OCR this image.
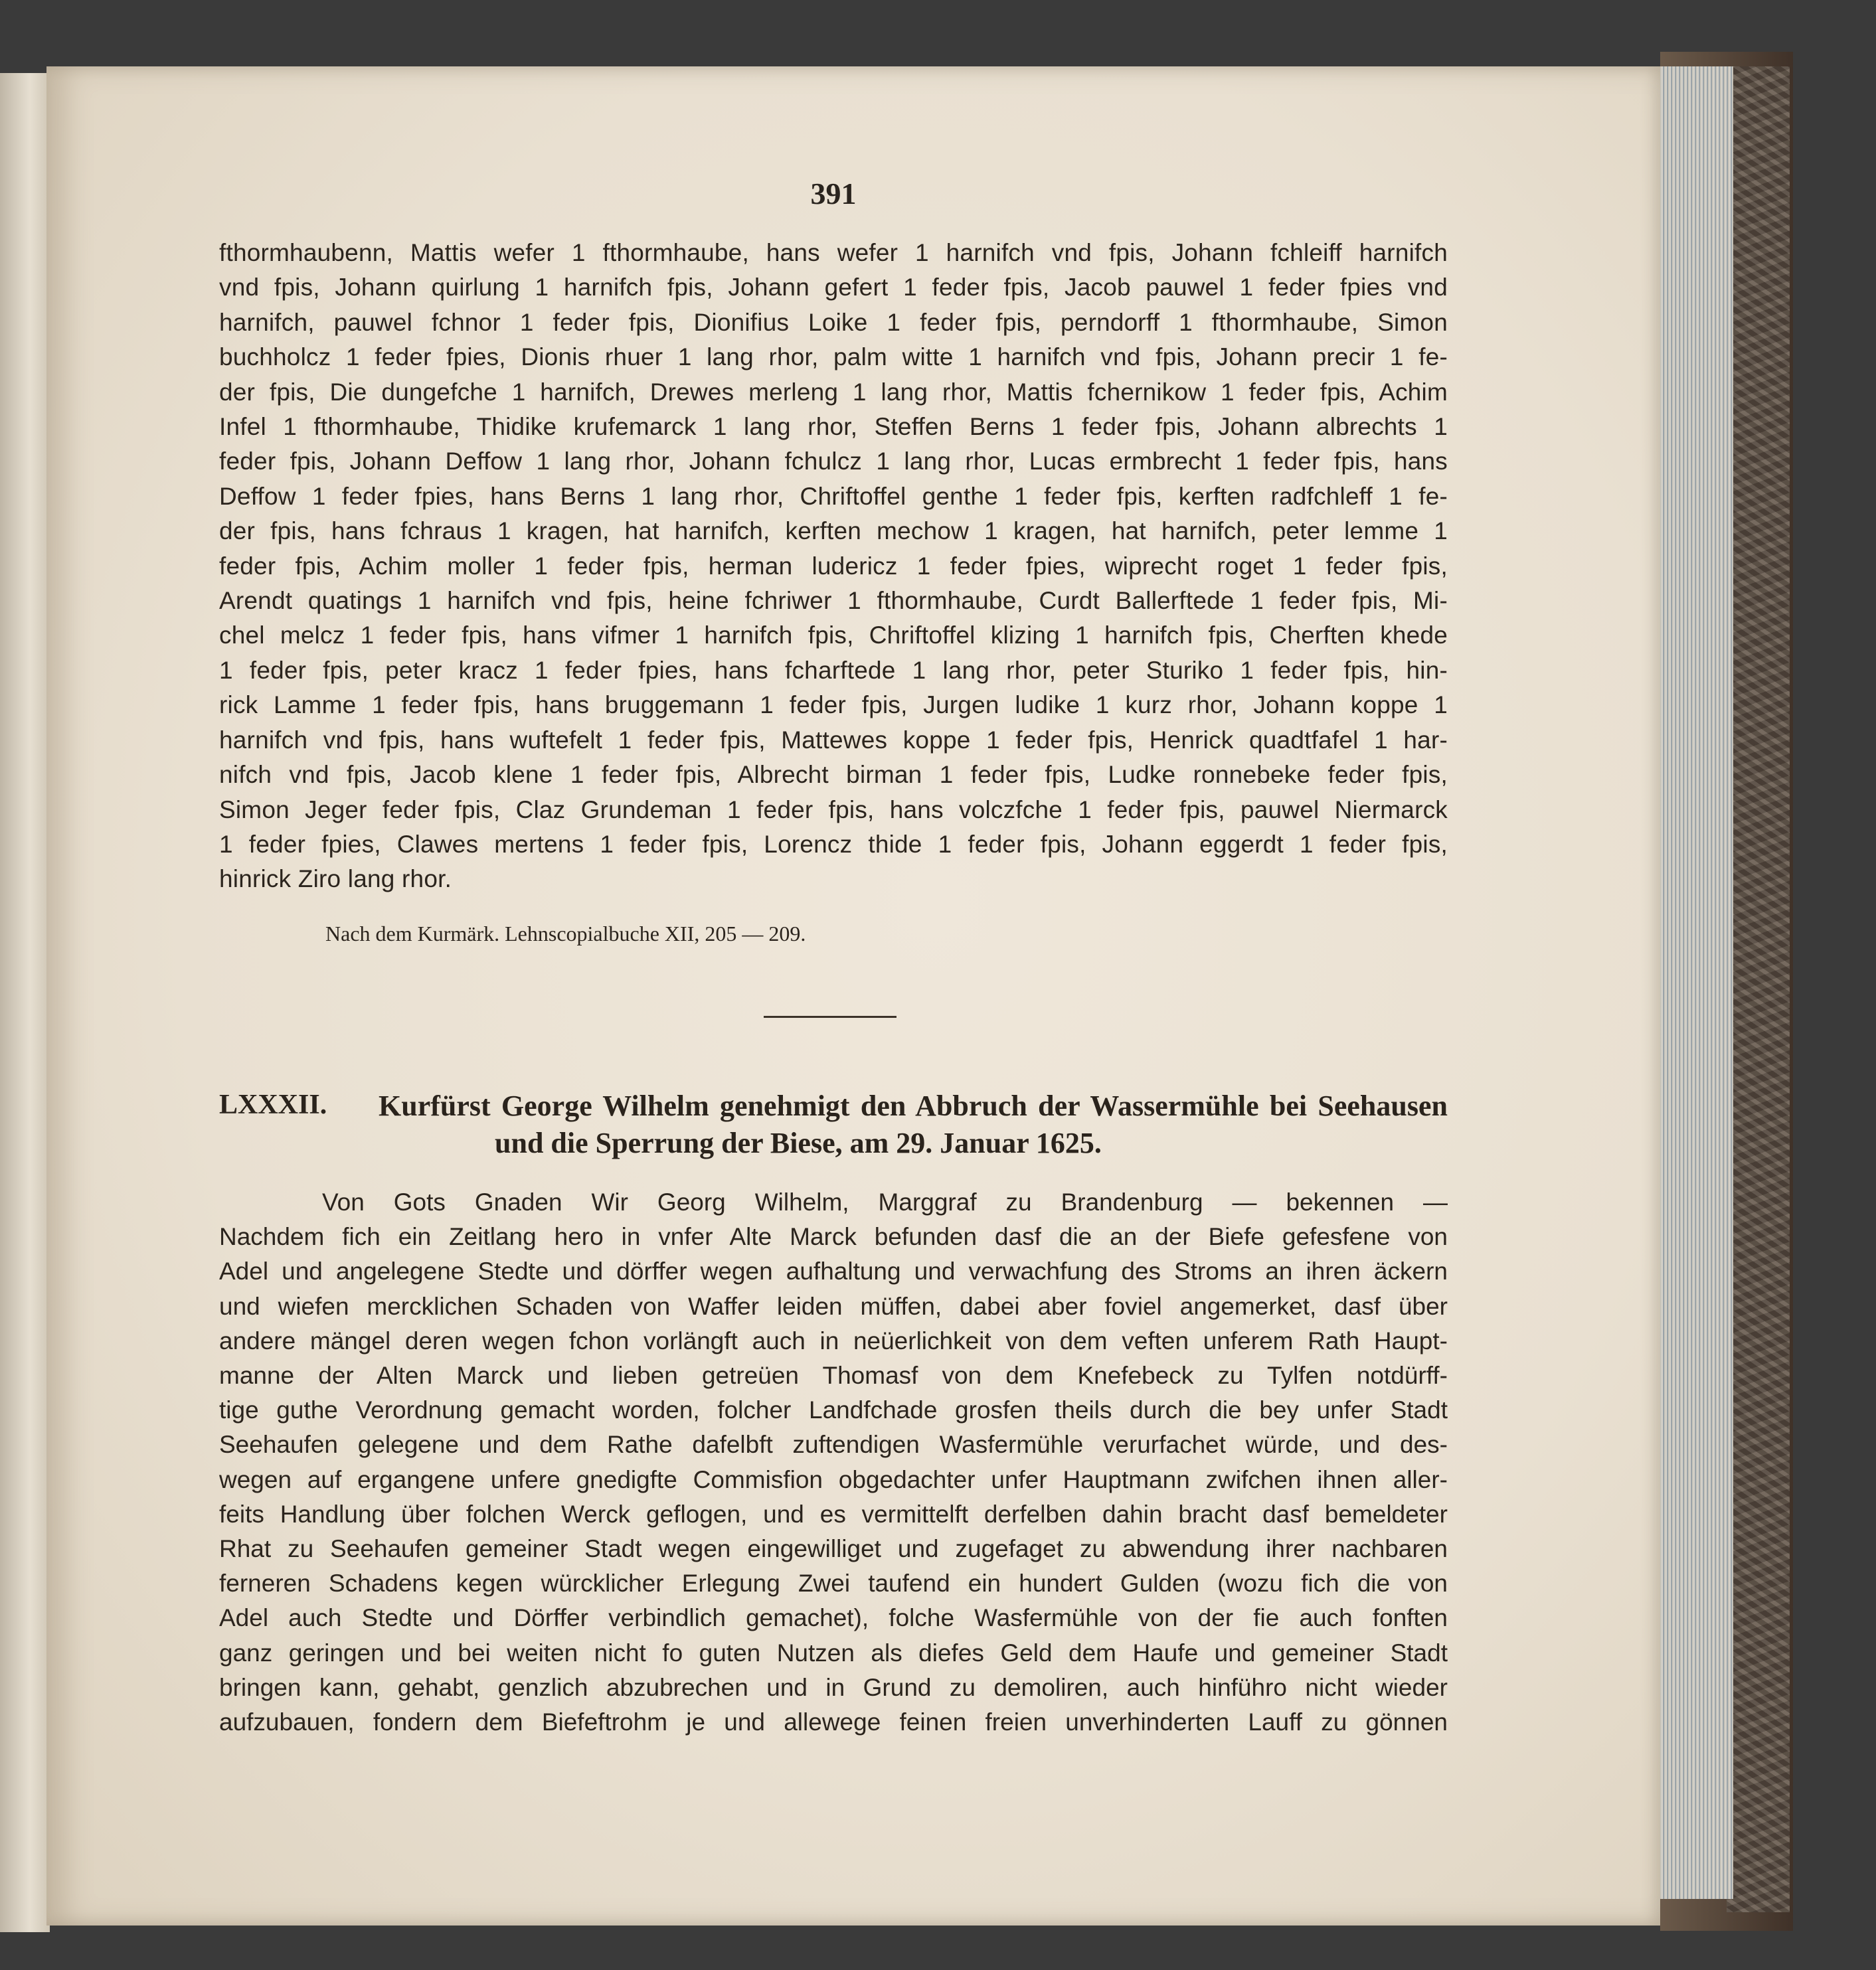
391
fthormhaubenn, Mattis wefer 1 fthormhaube, hans wefer 1 harnifch vnd fpis, Johann fchleiff harnifch
vnd fpis, Johann quirlung 1 harnifch fpis, Johann gefert 1 feder fpis, Jacob pauwel 1 feder fpies vnd
harnifch, pauwel fchnor 1 feder fpis, Dionifius Loike 1 feder fpis, perndorff 1 fthormhaube, Simon
buchholcz 1 feder fpies, Dionis rhuer 1 lang rhor, palm witte 1 harnifch vnd fpis, Johann precir 1 fe-
der fpis, Die dungefche 1 harnifch, Drewes merleng 1 lang rhor, Mattis fchernikow 1 feder fpis, Achim
Infel 1 fthormhaube, Thidike krufemarck 1 lang rhor, Steffen Berns 1 feder fpis, Johann albrechts 1
feder fpis, Johann Deffow 1 lang rhor, Johann fchulcz 1 lang rhor, Lucas ermbrecht 1 feder fpis, hans
Deffow 1 feder fpies, hans Berns 1 lang rhor, Chriftoffel genthe 1 feder fpis, kerften radfchleff 1 fe-
der fpis, hans fchraus 1 kragen, hat harnifch, kerften mechow 1 kragen, hat harnifch, peter lemme 1
feder fpis, Achim moller 1 feder fpis, herman ludericz 1 feder fpies, wiprecht roget 1 feder fpis,
Arendt quatings 1 harnifch vnd fpis, heine fchriwer 1 fthormhaube, Curdt Ballerftede 1 feder fpis, Mi-
chel melcz 1 feder fpis, hans vifmer 1 harnifch fpis, Chriftoffel klizing 1 harnifch fpis, Cherften khede
1 feder fpis, peter kracz 1 feder fpies, hans fcharftede 1 lang rhor, peter Sturiko 1 feder fpis, hin-
rick Lamme 1 feder fpis, hans bruggemann 1 feder fpis, Jurgen ludike 1 kurz rhor, Johann koppe 1
harnifch vnd fpis, hans wuftefelt 1 feder fpis, Mattewes koppe 1 feder fpis, Henrick quadtfafel 1 har-
nifch vnd fpis, Jacob klene 1 feder fpis, Albrecht birman 1 feder fpis, Ludke ronnebeke feder fpis,
Simon Jeger feder fpis, Claz Grundeman 1 feder fpis, hans volczfche 1 feder fpis, pauwel Niermarck
1 feder fpies, Clawes mertens 1 feder fpis, Lorencz thide 1 feder fpis, Johann eggerdt 1 feder fpis,
hinrick Ziro lang rhor.
Nach dem Kurmärk. Lehnscopialbuche XII, 205 — 209.
LXXXII. Kurfürst George Wilhelm genehmigt den Abbruch der Wassermühle bei Seehausen
und die Sperrung der Biese, am 29. Januar 1625.
Von Gots Gnaden Wir Georg Wilhelm, Marggraf zu Brandenburg — bekennen —
Nachdem fich ein Zeitlang hero in vnfer Alte Marck befunden dasf die an der Biefe gefesfene von
Adel und angelegene Stedte und dörffer wegen aufhaltung und verwachfung des Stroms an ihren äckern
und wiefen mercklichen Schaden von Waffer leiden müffen, dabei aber foviel angemerket, dasf über
andere mängel deren wegen fchon vorlängft auch in neüerlichkeit von dem veften unferem Rath Haupt-
manne der Alten Marck und lieben getreüen Thomasf von dem Knefebeck zu Tylfen notdürff-
tige guthe Verordnung gemacht worden, folcher Landfchade grosfen theils durch die bey unfer Stadt
Seehaufen gelegene und dem Rathe dafelbft zuftendigen Wasfermühle verurfachet würde, und des-
wegen auf ergangene unfere gnedigfte Commisfion obgedachter unfer Hauptmann zwifchen ihnen aller-
feits Handlung über folchen Werck geflogen, und es vermittelft derfelben dahin bracht dasf bemeldeter
Rhat zu Seehaufen gemeiner Stadt wegen eingewilliget und zugefaget zu abwendung ihrer nachbaren
ferneren Schadens kegen würcklicher Erlegung Zwei taufend ein hundert Gulden (wozu fich die von
Adel auch Stedte und Dörffer verbindlich gemachet), folche Wasfermühle von der fie auch fonften
ganz geringen und bei weiten nicht fo guten Nutzen als diefes Geld dem Haufe und gemeiner Stadt
bringen kann, gehabt, genzlich abzubrechen und in Grund zu demoliren, auch hinführo nicht wieder
aufzubauen, fondern dem Biefeftrohm je und allewege feinen freien unverhinderten Lauff zu gönnen
